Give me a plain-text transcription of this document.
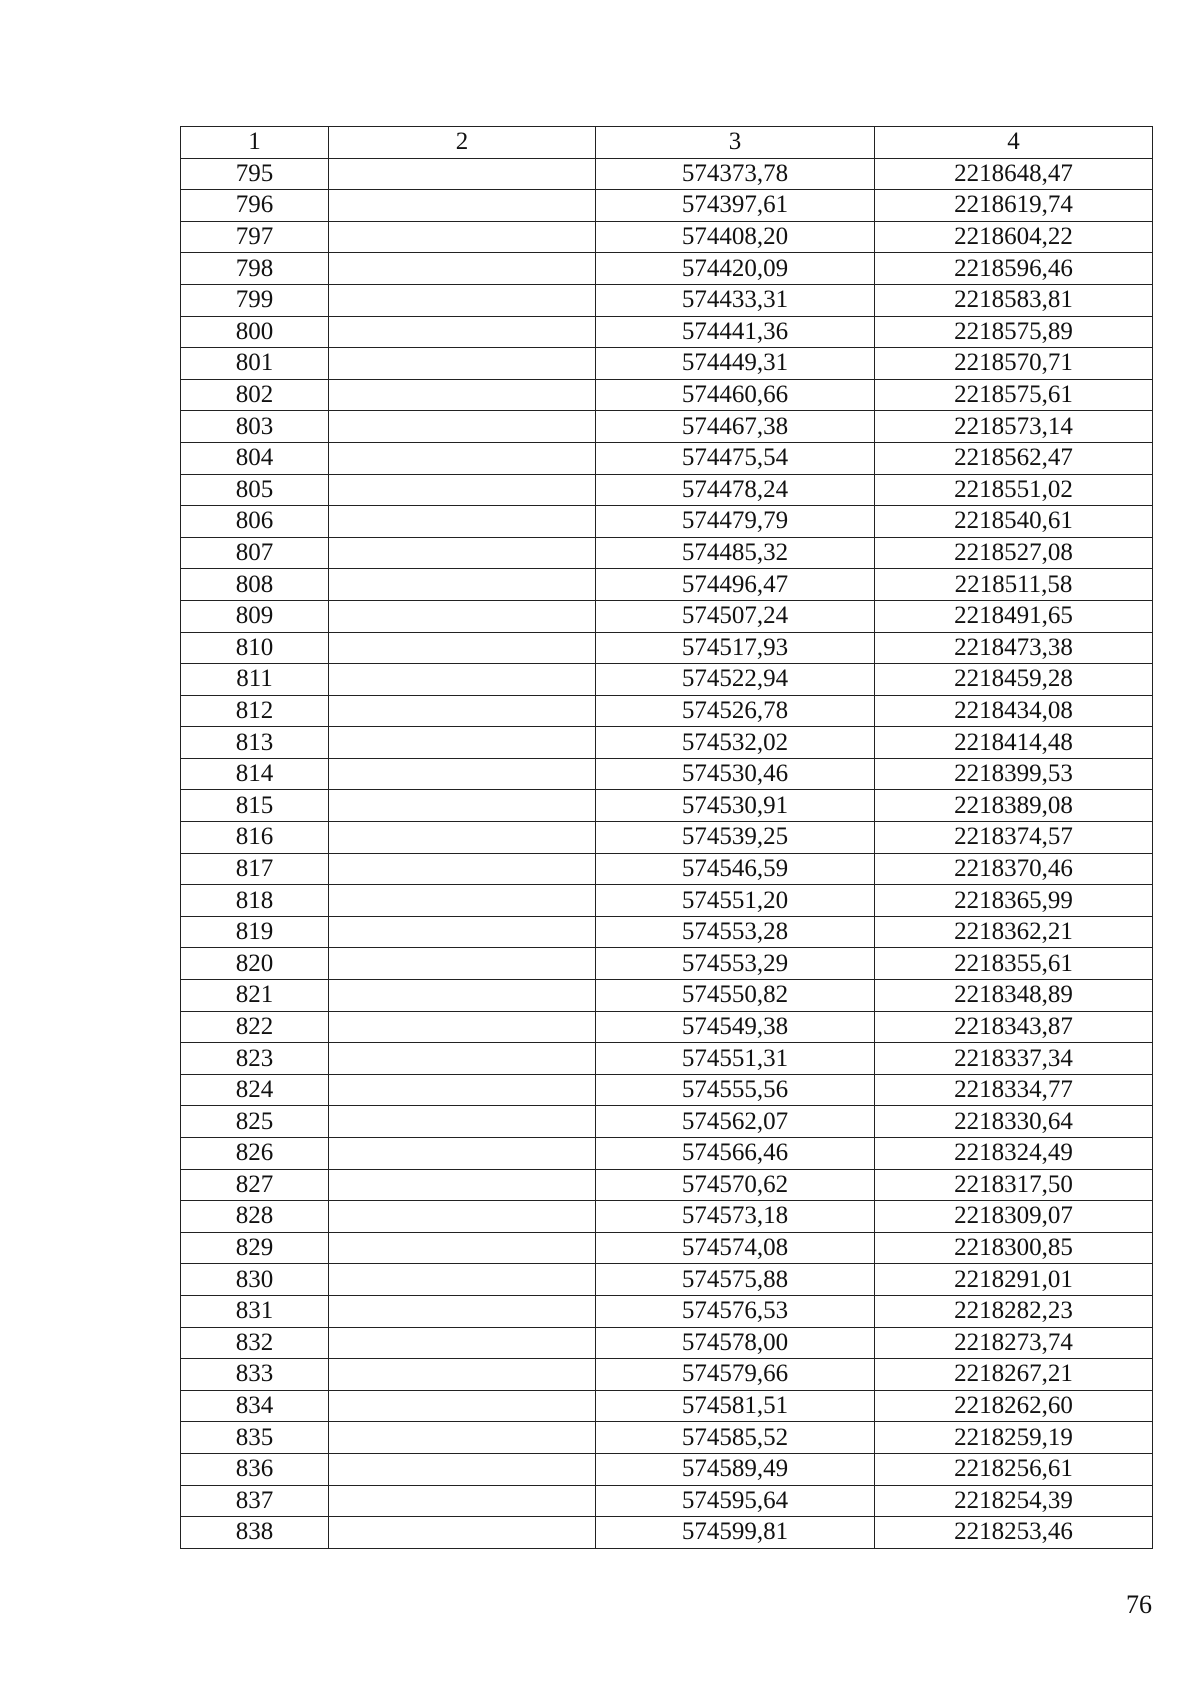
1	2	3	4
795		574373,78	2218648,47
796		574397,61	2218619,74
797		574408,20	2218604,22
798		574420,09	2218596,46
799		574433,31	2218583,81
800		574441,36	2218575,89
801		574449,31	2218570,71
802		574460,66	2218575,61
803		574467,38	2218573,14
804		574475,54	2218562,47
805		574478,24	2218551,02
806		574479,79	2218540,61
807		574485,32	2218527,08
808		574496,47	2218511,58
809		574507,24	2218491,65
810		574517,93	2218473,38
811		574522,94	2218459,28
812		574526,78	2218434,08
813		574532,02	2218414,48
814		574530,46	2218399,53
815		574530,91	2218389,08
816		574539,25	2218374,57
817		574546,59	2218370,46
818		574551,20	2218365,99
819		574553,28	2218362,21
820		574553,29	2218355,61
821		574550,82	2218348,89
822		574549,38	2218343,87
823		574551,31	2218337,34
824		574555,56	2218334,77
825		574562,07	2218330,64
826		574566,46	2218324,49
827		574570,62	2218317,50
828		574573,18	2218309,07
829		574574,08	2218300,85
830		574575,88	2218291,01
831		574576,53	2218282,23
832		574578,00	2218273,74
833		574579,66	2218267,21
834		574581,51	2218262,60
835		574585,52	2218259,19
836		574589,49	2218256,61
837		574595,64	2218254,39
838		574599,81	2218253,46
76
